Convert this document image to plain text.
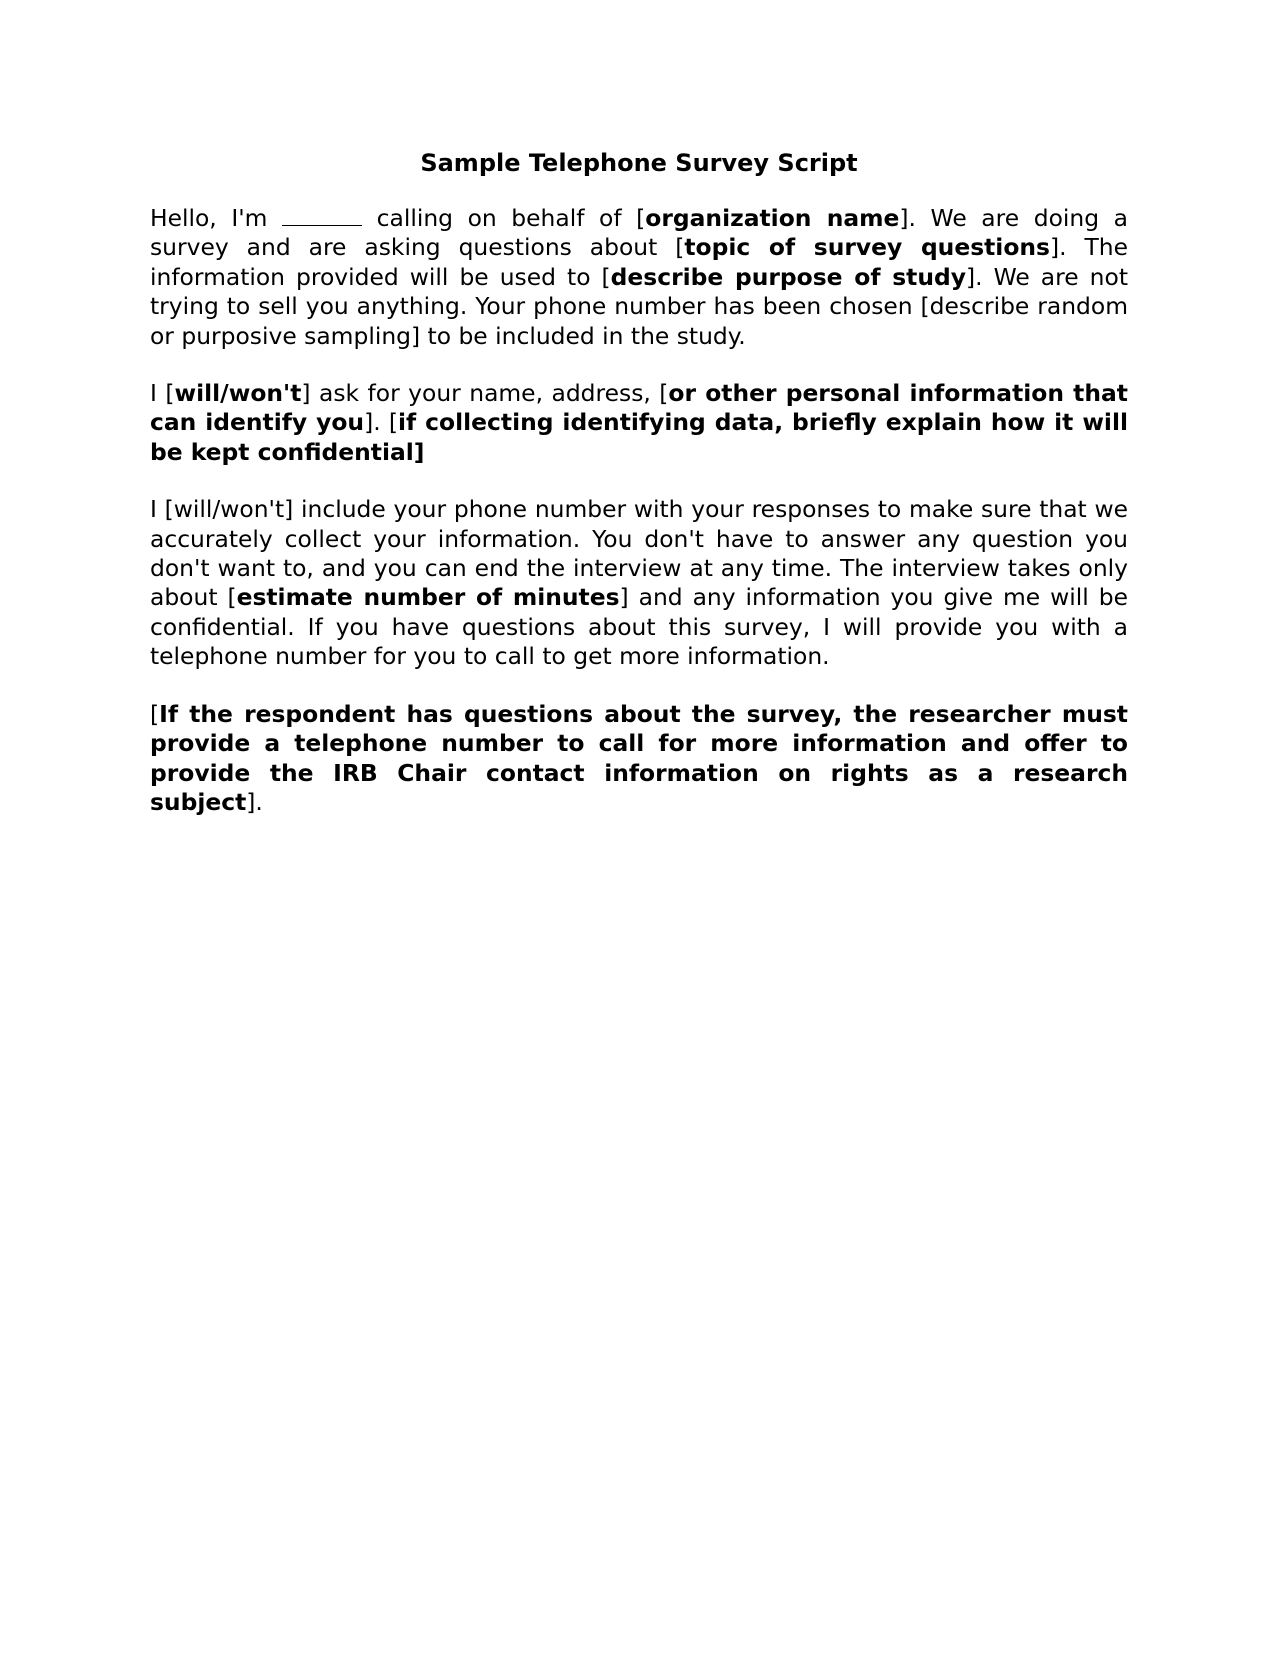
Sample Telephone Survey Script

Hello, I'm	calling on behalf of [organization name]. We are doing a survey and are asking questions about [topic of survey questions]. The information provided will be used to [describe purpose of study]. We are not trying to sell you anything. Your phone number has been chosen [describe random or purposive sampling] to be included in the study.

I [will/won't] ask for your name, address, [or other personal information that can identify you]. [if collecting identifying data, briefly explain how it will be kept confidential]

I [will/won't] include your phone number with your responses to make sure that we accurately collect your information. You don't have to answer any question you don't want to, and you can end the interview at any time. The interview takes only about [estimate number of minutes] and any information you give me will be confidential. If you have questions about this survey, I will provide you with a telephone number for you to call to get more information.

[If the respondent has questions about the survey, the researcher must provide a telephone number to call for more information and offer to provide the IRB Chair contact information on rights as a research subject].
